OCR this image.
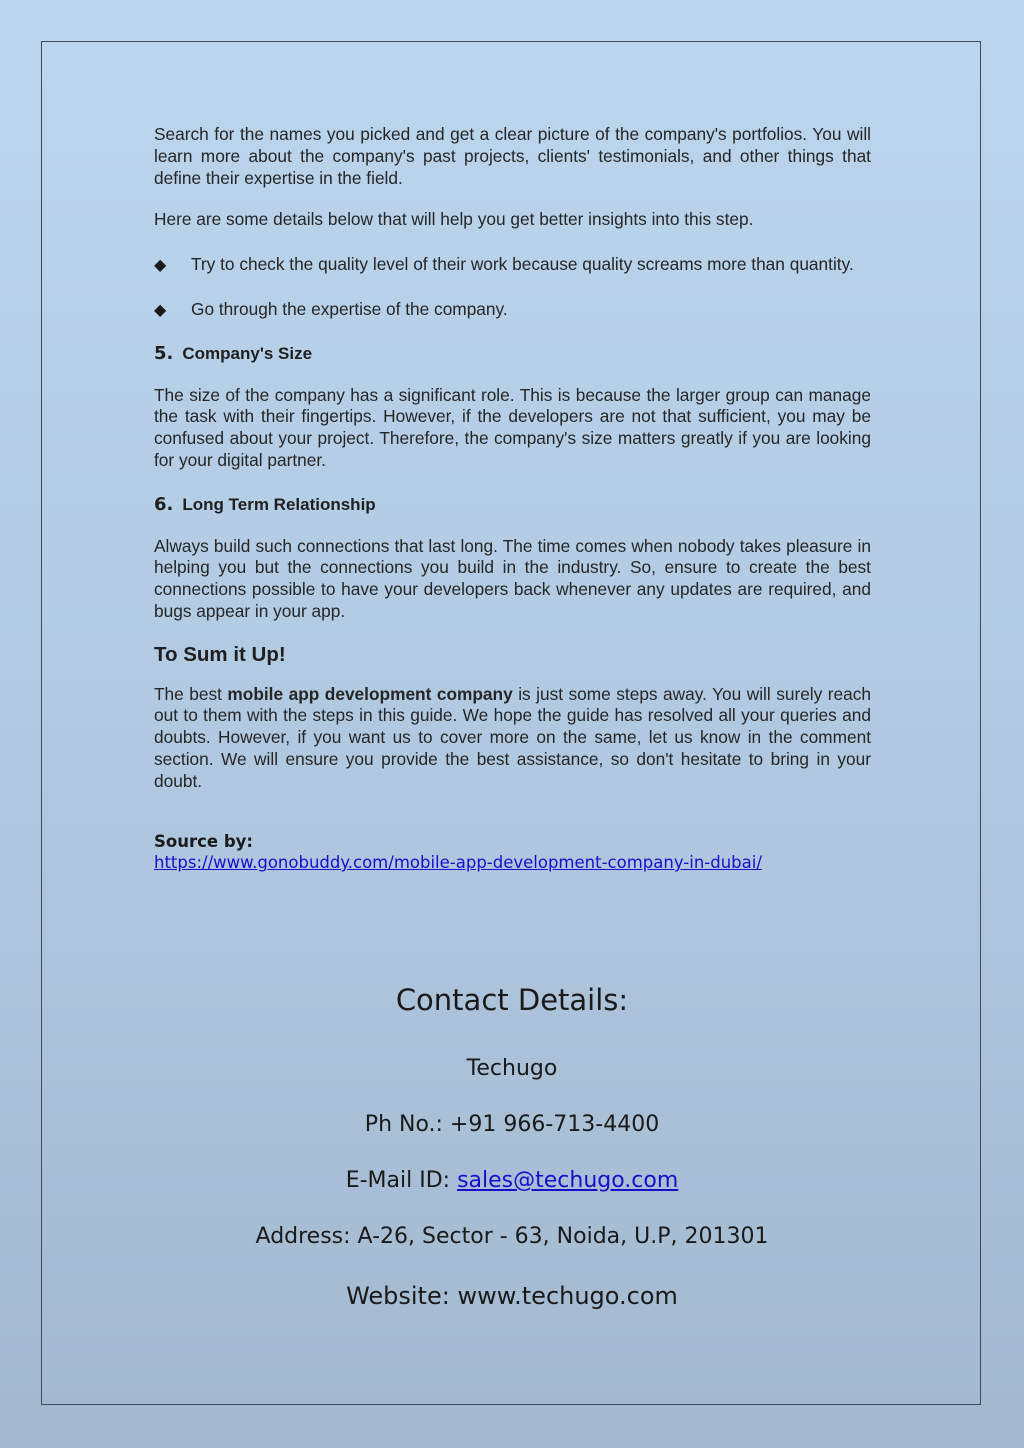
Search for the names you picked and get a clear picture of the company's portfolios. You will learn more about the company's past projects, clients' testimonials, and other things that define their expertise in the field.

Here are some details below that will help you get better insights into this step.

◆ Try to check the quality level of their work because quality screams more than quantity.
◆ Go through the expertise of the company.
5. Company's Size

The size of the company has a significant role. This is because the larger group can manage the task with their fingertips. However, if the developers are not that sufficient, you may be confused about your project. Therefore, the company's size matters greatly if you are looking for your digital partner.

6. Long Term Relationship

Always build such connections that last long. The time comes when nobody takes pleasure in helping you but the connections you build in the industry. So, ensure to create the best connections possible to have your developers back whenever any updates are required, and bugs appear in your app.

To Sum it Up!

The best mobile app development company is just some steps away. You will surely reach out to them with the steps in this guide. We hope the guide has resolved all your queries and doubts. However, if you want us to cover more on the same, let us know in the comment section. We will ensure you provide the best assistance, so don't hesitate to bring in your doubt.

Source by:
https://www.gonobuddy.com/mobile-app-development-company-in-dubai/
Contact Details:
Techugo
Ph No.: +91 966-713-4400
E-Mail ID: sales@techugo.com
Address: A-26, Sector - 63, Noida, U.P, 201301
Website: www.techugo.com
